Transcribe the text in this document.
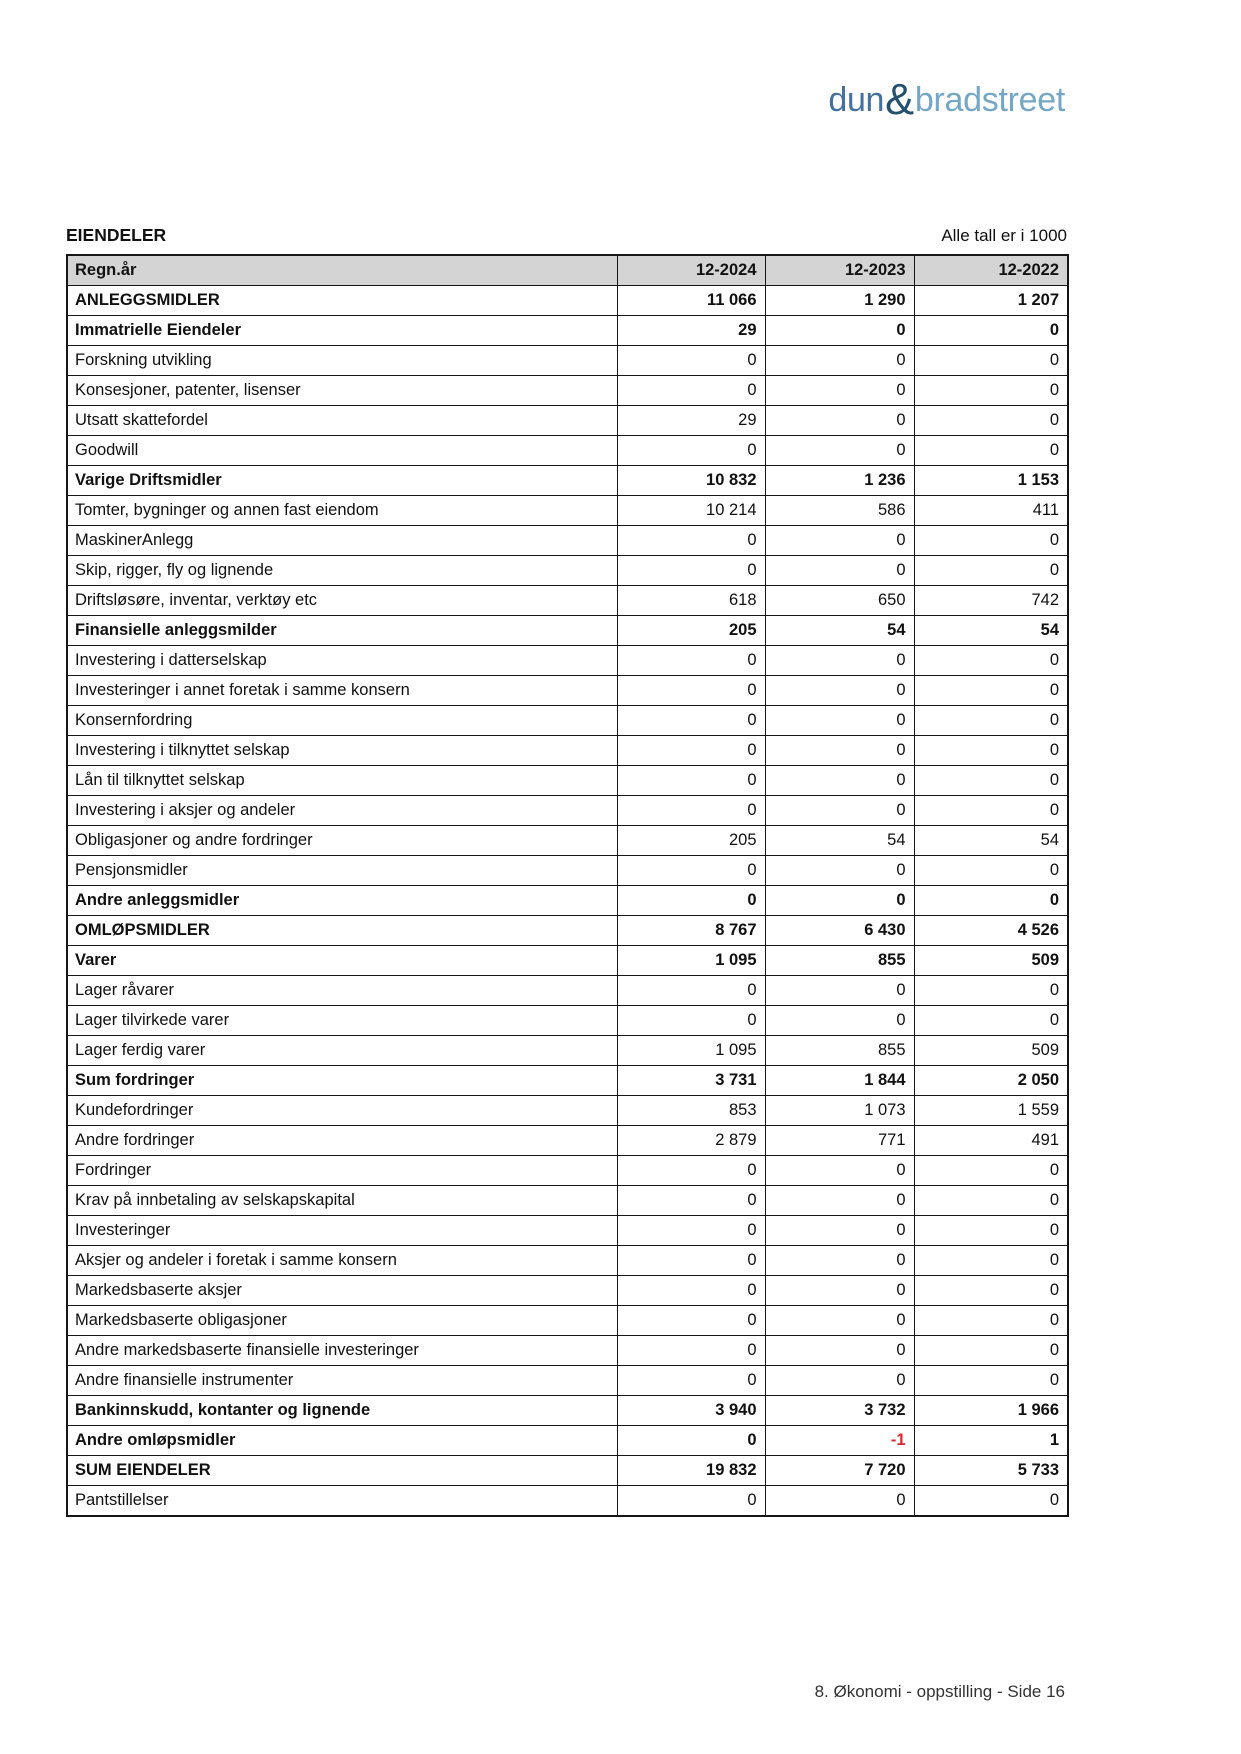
dun&bradstreet
EIENDELER	Alle tall er i 1000
Regn.år	12-2024	12-2023	12-2022
ANLEGGSMIDLER	11 066	1 290	1 207
Immatrielle Eiendeler	29	0	0
Forskning utvikling	0	0	0
Konsesjoner, patenter, lisenser	0	0	0
Utsatt skattefordel	29	0	0
Goodwill	0	0	0
Varige Driftsmidler	10 832	1 236	1 153
Tomter, bygninger og annen fast eiendom	10 214	586	411
MaskinerAnlegg	0	0	0
Skip, rigger, fly og lignende	0	0	0
Driftsløsøre, inventar, verktøy etc	618	650	742
Finansielle anleggsmilder	205	54	54
Investering i datterselskap	0	0	0
Investeringer i annet foretak i samme konsern	0	0	0
Konsernfordring	0	0	0
Investering i tilknyttet selskap	0	0	0
Lån til tilknyttet selskap	0	0	0
Investering i aksjer og andeler	0	0	0
Obligasjoner og andre fordringer	205	54	54
Pensjonsmidler	0	0	0
Andre anleggsmidler	0	0	0
OMLØPSMIDLER	8 767	6 430	4 526
Varer	1 095	855	509
Lager råvarer	0	0	0
Lager tilvirkede varer	0	0	0
Lager ferdig varer	1 095	855	509
Sum fordringer	3 731	1 844	2 050
Kundefordringer	853	1 073	1 559
Andre fordringer	2 879	771	491
Fordringer	0	0	0
Krav på innbetaling av selskapskapital	0	0	0
Investeringer	0	0	0
Aksjer og andeler i foretak i samme konsern	0	0	0
Markedsbaserte aksjer	0	0	0
Markedsbaserte obligasjoner	0	0	0
Andre markedsbaserte finansielle investeringer	0	0	0
Andre finansielle instrumenter	0	0	0
Bankinnskudd, kontanter og lignende	3 940	3 732	1 966
Andre omløpsmidler	0	-1	1
SUM EIENDELER	19 832	7 720	5 733
Pantstillelser	0	0	0
8. Økonomi - oppstilling - Side 16
